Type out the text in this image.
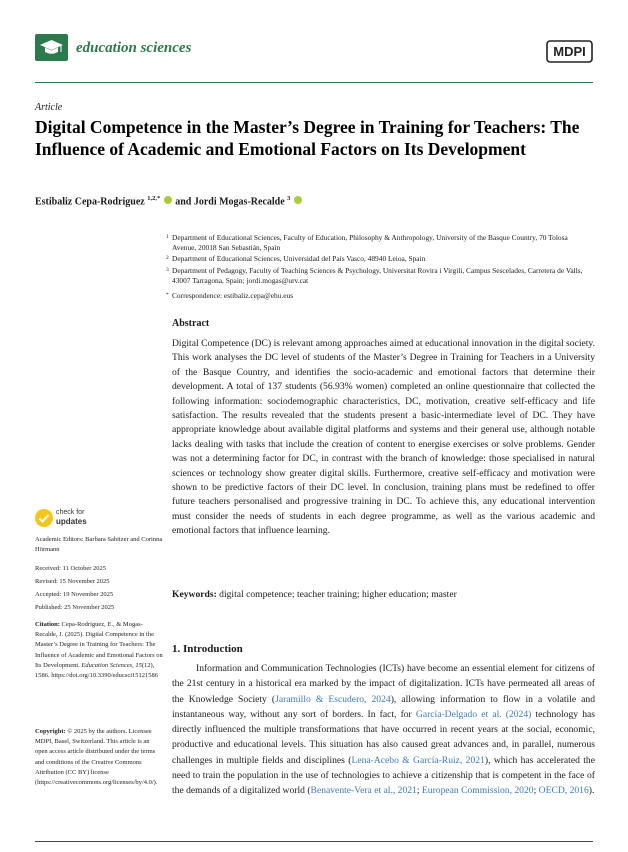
education sciences	MDPI
Article
Digital Competence in the Master’s Degree in Training for Teachers: The Influence of Academic and Emotional Factors on Its Development
Estibaliz Cepa-Rodriguez $^{1,2,*}$ and Jordi Mogas-Recalde $^3$
1 Department of Educational Sciences, Faculty of Education, Philosophy & Anthropology, University of the Basque Country, 70 Tolosa Avenue, 20018 San Sebastián, Spain
2 Department of Educational Sciences, Universidad del País Vasco, 48940 Leioa, Spain
3 Department of Pedagogy, Faculty of Teaching Sciences & Psychology, Universitat Rovira i Virgili, Campus Sescelades, Carretera de Valls, 43007 Tarragona, Spain; jordi.mogas@urv.cat
* Correspondence: estibaliz.cepa@ehu.eus
Abstract
Digital Competence (DC) is relevant among approaches aimed at educational innovation in the digital society. This work analyses the DC level of students of the Master’s Degree in Training for Teachers in a University of the Basque Country, and identifies the socio-academic and emotional factors that determine their development. A total of 137 students (56.93% women) completed an online questionnaire that collected the following information: sociodemographic characteristics, DC, motivation, creative self-efficacy and life satisfaction. The results revealed that the students present a basic-intermediate level of DC. They have appropriate knowledge about available digital platforms and systems and their general use, although notable lacks dealing with tasks that include the creation of content to energise exercises or solve problems. Gender was not a determining factor for DC, in contrast with the branch of knowledge: those specialised in natural sciences or technology show greater digital skills. Furthermore, creative self-efficacy and motivation were shown to be predictive factors of their DC level. In conclusion, training plans must be redefined to offer future teachers personalised and progressive training in DC. To achieve this, any educational intervention must consider the needs of students in each degree programme, as well as the various academic and emotional factors that influence learning.
Keywords: digital competence; teacher training; higher education; master
check for
updates
Academic Editors: Barbara Sabitzer and Corinna Hörmann
Received: 11 October 2025
Revised: 15 November 2025
Accepted: 19 November 2025
Published: 25 November 2025
Citation: Cepa-Rodriguez, E., & Mogas-Recalde, J. (2025). Digital Competence in the Master’s Degree in Training for Teachers: The Influence of Academic and Emotional Factors on Its Development. Education Sciences, 15(12), 1586. https://doi.org/10.3390/educsci15121586
Copyright: © 2025 by the authors. Licensee MDPI, Basel, Switzerland. This article is an open access article distributed under the terms and conditions of the Creative Commons Attribution (CC BY) license (https://creativecommons.org/licenses/by/4.0/).
1. Introduction
Information and Communication Technologies (ICTs) have become an essential element for citizens of the 21st century in a historical era marked by the impact of digitalization. ICTs have permeated all areas of the Knowledge Society (Jaramillo & Escudero, 2024), allowing information to flow in a volatile and instantaneous way, without any sort of borders. In fact, for García-Delgado et al. (2024) technology has directly influenced the multiple transformations that have occurred in recent years at the social, economic, productive and educational levels. This situation has also caused great advances and, in parallel, numerous challenges in multiple fields and disciplines (Lena-Acebo & García-Ruiz, 2021), which has accelerated the need to train the population in the use of technologies to achieve a citizenship that is competent in the face of the demands of a digitalized world (Benavente-Vera et al., 2021; European Commission, 2020; OECD, 2016).
